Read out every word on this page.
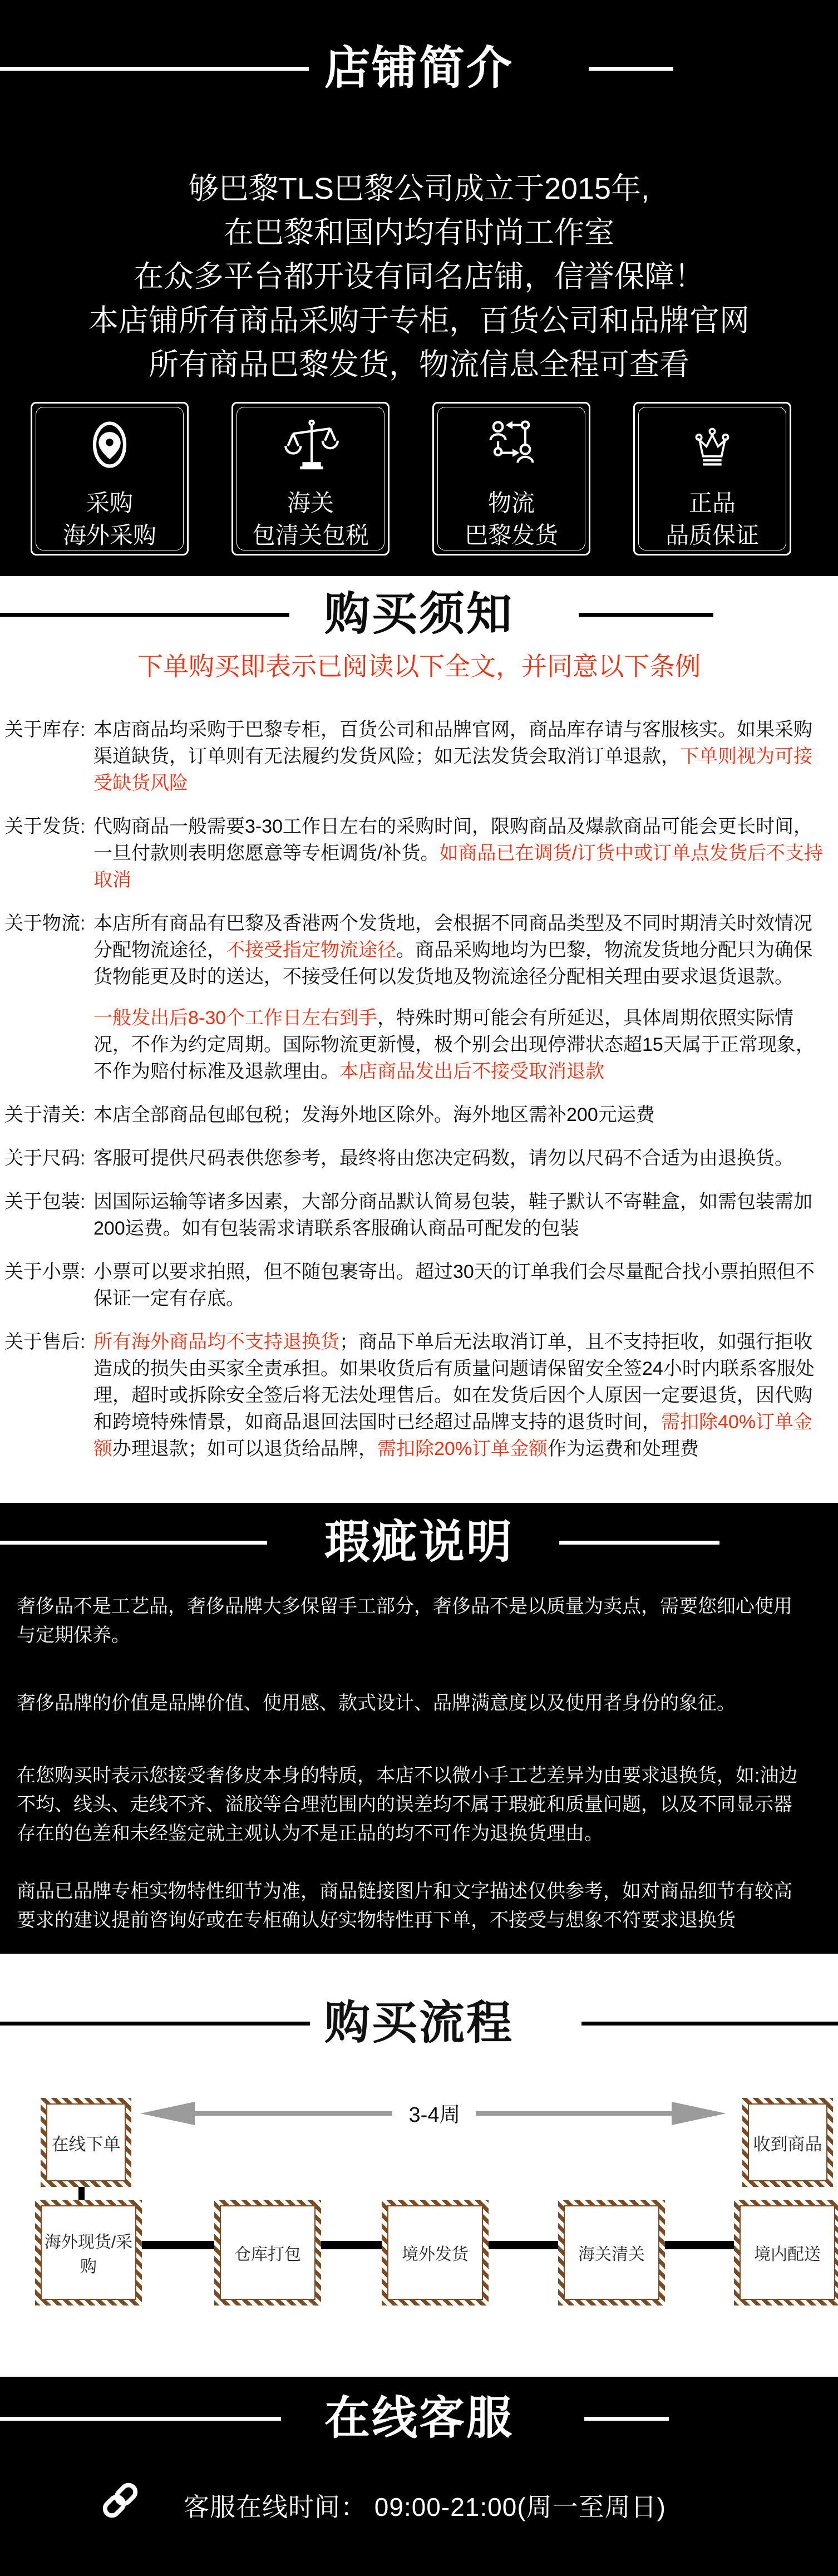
店铺简介
够巴黎TLS巴黎公司成立于2015年,
在巴黎和国内均有时尚工作室
在众多平台都开设有同名店铺，信誉保障！
本店铺所有商品采购于专柜，百货公司和品牌官网
所有商品巴黎发货，物流信息全程可查看
采购
海外采购
海关
包清关包税
物流
巴黎发货
正品
品质保证
购买须知
下单购买即表示已阅读以下全文，并同意以下条例
关于库存: 本店商品均采购于巴黎专柜，百货公司和品牌官网，商品库存请与客服核实。如果采购渠道缺货，订单则有无法履约发货风险；如无法发货会取消订单退款，下单则视为可接受缺货风险
关于发货: 代购商品一般需要3-30工作日左右的采购时间，限购商品及爆款商品可能会更长时间，一旦付款则表明您愿意等专柜调货/补货。如商品已在调货/订货中或订单点发货后不支持取消
关于物流: 本店所有商品有巴黎及香港两个发货地，会根据不同商品类型及不同时期清关时效情况分配物流途径，不接受指定物流途径。商品采购地均为巴黎，物流发货地分配只为确保货物能更及时的送达，不接受任何以发货地及物流途径分配相关理由要求退货退款。
一般发出后8-30个工作日左右到手，特殊时期可能会有所延迟，具体周期依照实际情况，不作为约定周期。国际物流更新慢，极个别会出现停滞状态超15天属于正常现象，不作为赔付标准及退款理由。本店商品发出后不接受取消退款
关于清关: 本店全部商品包邮包税；发海外地区除外。海外地区需补200元运费
关于尺码: 客服可提供尺码表供您参考，最终将由您决定码数，请勿以尺码不合适为由退换货。
关于包装: 因国际运输等诸多因素，大部分商品默认简易包装，鞋子默认不寄鞋盒，如需包装需加200运费。如有包装需求请联系客服确认商品可配发的包装
关于小票: 小票可以要求拍照，但不随包裹寄出。超过30天的订单我们会尽量配合找小票拍照但不保证一定有存底。
关于售后: 所有海外商品均不支持退换货；商品下单后无法取消订单，且不支持拒收，如强行拒收造成的损失由买家全责承担。如果收货后有质量问题请保留安全签24小时内联系客服处理，超时或拆除安全签后将无法处理售后。如在发货后因个人原因一定要退货，因代购和跨境特殊情景，如商品退回法国时已经超过品牌支持的退货时间，需扣除40%订单金额办理退款；如可以退货给品牌，需扣除20%订单金额作为运费和处理费
瑕疵说明

奢侈品不是工艺品，奢侈品牌大多保留手工部分，奢侈品不是以质量为卖点，需要您细心使用与定期保养。

奢侈品牌的价值是品牌价值、使用感、款式设计、品牌满意度以及使用者身份的象征。

在您购买时表示您接受奢侈皮本身的特质，本店不以微小手工艺差异为由要求退换货，如:油边不均、线头、走线不齐、溢胶等合理范围内的误差均不属于瑕疵和质量问题，以及不同显示器存在的色差和未经鉴定就主观认为不是正品的均不可作为退换货理由。

商品已品牌专柜实物特性细节为准，商品链接图片和文字描述仅供参考，如对商品细节有较高要求的建议提前咨询好或在专柜确认好实物特性再下单，不接受与想象不符要求退换货

购买流程
3-4周
在线下单	收到商品
海外现货/采购
仓库打包	境外发货	海关清关	境内配送
在线客服
客服在线时间： 09:00-21:00(周一至周日)
